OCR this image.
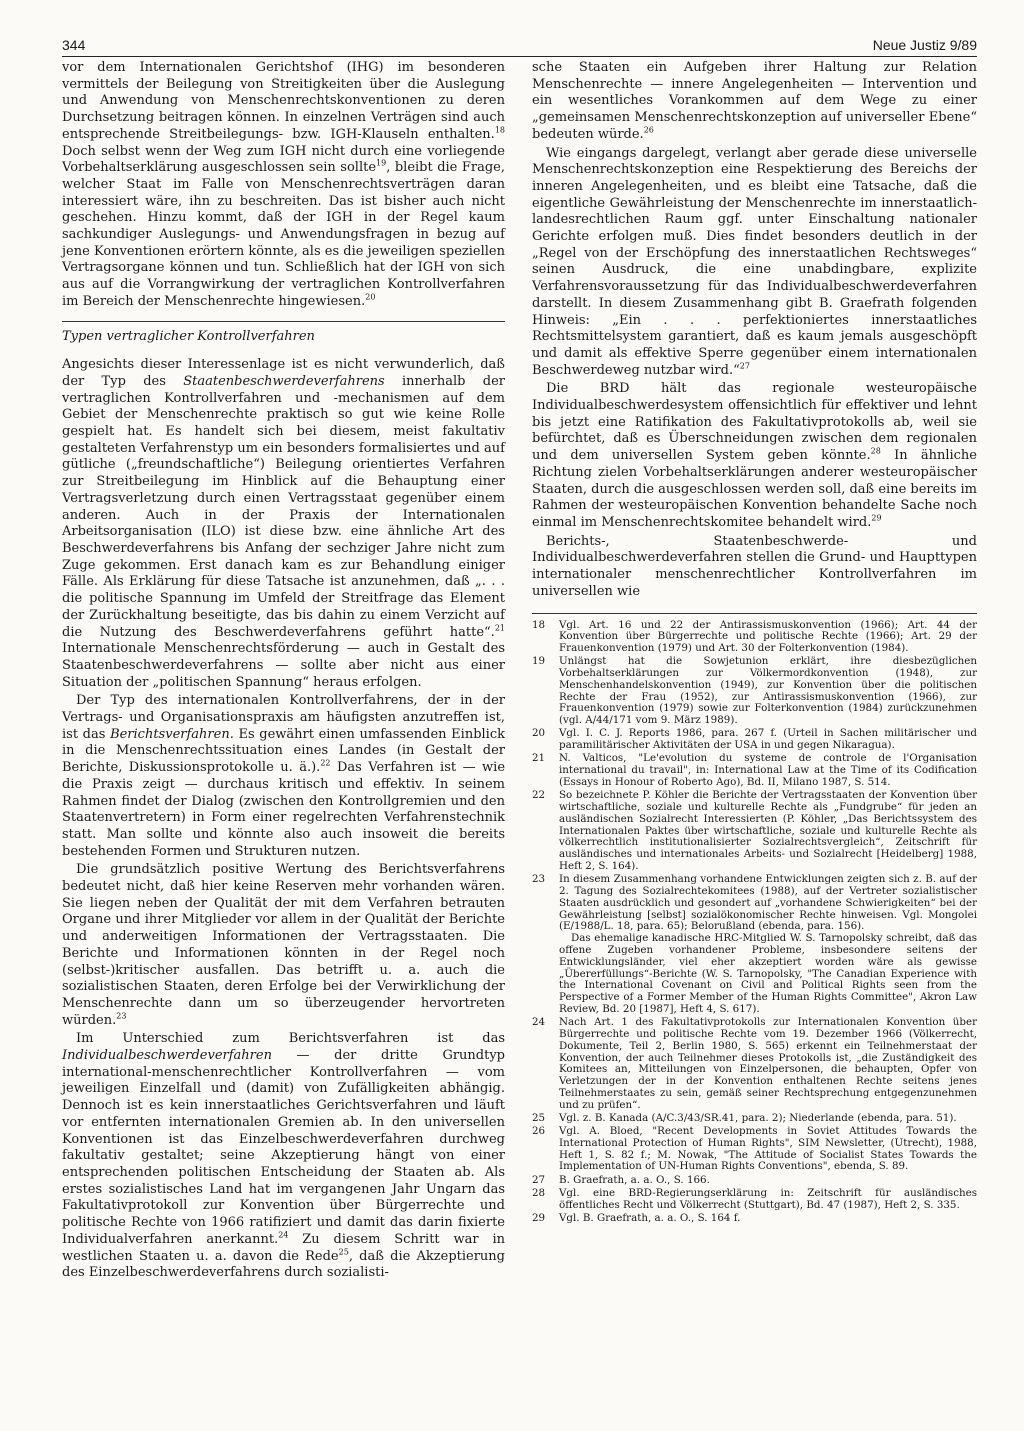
344	Neue Justiz 9/89

vor dem Internationalen Gerichtshof (IHG) im besonderen vermittels der Beilegung von Streitigkeiten über die Auslegung und Anwendung von Menschenrechtskonventionen zu deren Durchsetzung beitragen können. In einzelnen Verträgen sind auch entsprechende Streitbeilegungs- bzw. IGH-Klauseln enthalten.$^{18}$ Doch selbst wenn der Weg zum IGH nicht durch eine vorliegende Vorbehaltserklärung ausgeschlossen sein sollte$^{19}$, bleibt die Frage, welcher Staat im Falle von Menschenrechtsverträgen daran interessiert wäre, ihn zu beschreiten. Das ist bisher auch nicht geschehen. Hinzu kommt, daß der IGH in der Regel kaum sachkundiger Auslegungs- und Anwendungsfragen in bezug auf jene Konventionen erörtern könnte, als es die jeweiligen speziellen Vertragsorgane können und tun. Schließlich hat der IGH von sich aus auf die Vorrangwirkung der vertraglichen Kontrollverfahren im Bereich der Menschenrechte hingewiesen.$^{20}$

Typen vertraglicher Kontrollverfahren

Angesichts dieser Interessenlage ist es nicht verwunderlich, daß der Typ des Staatenbeschwerdeverfahrens innerhalb der vertraglichen Kontrollverfahren und -mechanismen auf dem Gebiet der Menschenrechte praktisch so gut wie keine Rolle gespielt hat. Es handelt sich bei diesem, meist fakultativ gestalteten Verfahrenstyp um ein besonders formalisiertes und auf gütliche („freundschaftliche“) Beilegung orientiertes Verfahren zur Streitbeilegung im Hinblick auf die Behauptung einer Vertragsverletzung durch einen Vertragsstaat gegenüber einem anderen. Auch in der Praxis der Internationalen Arbeitsorganisation (ILO) ist diese bzw. eine ähnliche Art des Beschwerdeverfahrens bis Anfang der sechziger Jahre nicht zum Zuge gekommen. Erst danach kam es zur Behandlung einiger Fälle. Als Erklärung für diese Tatsache ist anzunehmen, daß „. . . die politische Spannung im Umfeld der Streitfrage das Element der Zurückhaltung beseitigte, das bis dahin zu einem Verzicht auf die Nutzung des Beschwerdeverfahrens geführt hatte“.$^{21}$ Internationale Menschenrechtsförderung — auch in Gestalt des Staatenbeschwerdeverfahrens — sollte aber nicht aus einer Situation der „politischen Spannung“ heraus erfolgen.

Der Typ des internationalen Kontrollverfahrens, der in der Vertrags- und Organisationspraxis am häufigsten anzutreffen ist, ist das Berichtsverfahren. Es gewährt einen umfassenden Einblick in die Menschenrechtssituation eines Landes (in Gestalt der Berichte, Diskussionsprotokolle u. ä.).$^{22}$ Das Verfahren ist — wie die Praxis zeigt — durchaus kritisch und effektiv. In seinem Rahmen findet der Dialog (zwischen den Kontrollgremien und den Staatenvertretern) in Form einer regelrechten Verfahrenstechnik statt. Man sollte und könnte also auch insoweit die bereits bestehenden Formen und Strukturen nutzen.

Die grundsätzlich positive Wertung des Berichtsverfahrens bedeutet nicht, daß hier keine Reserven mehr vorhanden wären. Sie liegen neben der Qualität der mit dem Verfahren betrauten Organe und ihrer Mitglieder vor allem in der Qualität der Berichte und anderweitigen Informationen der Vertragsstaaten. Die Berichte und Informationen könnten in der Regel noch (selbst-)kritischer ausfallen. Das betrifft u. a. auch die sozialistischen Staaten, deren Erfolge bei der Verwirklichung der Menschenrechte dann um so überzeugender hervortreten würden.$^{23}$

Im Unterschied zum Berichtsverfahren ist das Individualbeschwerdeverfahren — der dritte Grundtyp international-menschenrechtlicher Kontrollverfahren — vom jeweiligen Einzelfall und (damit) von Zufälligkeiten abhängig. Dennoch ist es kein innerstaatliches Gerichtsverfahren und läuft vor entfernten internationalen Gremien ab. In den universellen Konventionen ist das Einzelbeschwerdeverfahren durchweg fakultativ gestaltet; seine Akzeptierung hängt von einer entsprechenden politischen Entscheidung der Staaten ab. Als erstes sozialistisches Land hat im vergangenen Jahr Ungarn das Fakultativprotokoll zur Konvention über Bürgerrechte und politische Rechte von 1966 ratifiziert und damit das darin fixierte Individualverfahren anerkannt.$^{24}$ Zu diesem Schritt war in westlichen Staaten u. a. davon die Rede$^{25}$, daß die Akzeptierung des Einzelbeschwerdeverfahrens durch sozialisti-

sche Staaten ein Aufgeben ihrer Haltung zur Relation Menschenrechte — innere Angelegenheiten — Intervention und ein wesentliches Vorankommen auf dem Wege zu einer „gemeinsamen Menschenrechtskonzeption auf universeller Ebene“ bedeuten würde.$^{26}$

Wie eingangs dargelegt, verlangt aber gerade diese universelle Menschenrechtskonzeption eine Respektierung des Bereichs der inneren Angelegenheiten, und es bleibt eine Tatsache, daß die eigentliche Gewährleistung der Menschenrechte im innerstaatlich-landesrechtlichen Raum ggf. unter Einschaltung nationaler Gerichte erfolgen muß. Dies findet besonders deutlich in der „Regel von der Erschöpfung des innerstaatlichen Rechtsweges“ seinen Ausdruck, die eine unabdingbare, explizite Verfahrensvoraussetzung für das Individualbeschwerdeverfahren darstellt. In diesem Zusammenhang gibt B. Graefrath folgenden Hinweis: „Ein . . . perfektioniertes innerstaatliches Rechtsmittelsystem garantiert, daß es kaum jemals ausgeschöpft und damit als effektive Sperre gegenüber einem internationalen Beschwerdeweg nutzbar wird.“$^{27}$

Die BRD hält das regionale westeuropäische Individualbeschwerdesystem offensichtlich für effektiver und lehnt bis jetzt eine Ratifikation des Fakultativprotokolls ab, weil sie befürchtet, daß es Überschneidungen zwischen dem regionalen und dem universellen System geben könnte.$^{28}$ In ähnliche Richtung zielen Vorbehaltserklärungen anderer westeuropäischer Staaten, durch die ausgeschlossen werden soll, daß eine bereits im Rahmen der westeuropäischen Konvention behandelte Sache noch einmal im Menschenrechtskomitee behandelt wird.$^{29}$

Berichts-, Staatenbeschwerde- und Individualbeschwerdeverfahren stellen die Grund- und Haupttypen internationaler menschenrechtlicher Kontrollverfahren im universellen wie

18 Vgl. Art. 16 und 22 der Antirassismuskonvention (1966); Art. 44 der Konvention über Bürgerrechte und politische Rechte (1966); Art. 29 der Frauenkonvention (1979) und Art. 30 der Folterkonvention (1984).
19 Unlängst hat die Sowjetunion erklärt, ihre diesbezüglichen Vorbehaltserklärungen zur Völkermordkonvention (1948), zur Menschenhandelskonvention (1949), zur Konvention über die politischen Rechte der Frau (1952), zur Antirassismuskonvention (1966), zur Frauenkonvention (1979) sowie zur Folterkonvention (1984) zurückzunehmen (vgl. A/44/171 vom 9. März 1989).
20 Vgl. I. C. J. Reports 1986, para. 267 f. (Urteil in Sachen militärischer und paramilitärischer Aktivitäten der USA in und gegen Nikaragua).
21 N. Valticos, "Le'evolution du systeme de controle de l'Organisation international du travail", in: International Law at the Time of its Codification (Essays in Honour of Roberto Ago), Bd. II, Milano 1987, S. 514.
22 So bezeichnete P. Köhler die Berichte der Vertragsstaaten der Konvention über wirtschaftliche, soziale und kulturelle Rechte als „Fundgrube“ für jeden an ausländischen Sozialrecht Interessierten (P. Köhler, „Das Berichtssystem des Internationalen Paktes über wirtschaftliche, soziale und kulturelle Rechte als völkerrechtlich institutionalisierter Sozialrechtsvergleich“, Zeitschrift für ausländisches und internationales Arbeits- und Sozialrecht [Heidelberg] 1988, Heft 2, S. 164).
23 In diesem Zusammenhang vorhandene Entwicklungen zeigten sich z. B. auf der 2. Tagung des Sozialrechtekomitees (1988), auf der Vertreter sozialistischer Staaten ausdrücklich und gesondert auf „vorhandene Schwierigkeiten“ bei der Gewährleistung [selbst] sozialökonomischer Rechte hinweisen. Vgl. Mongolei (E/1988/L. 18, para. 65); Belorußland (ebenda, para. 156).
Das ehemalige kanadische HRC-Mitglied W. S. Tarnopolsky schreibt, daß das offene Zugeben vorhandener Probleme, insbesondere seitens der Entwicklungsländer, viel eher akzeptiert worden wäre als gewisse „Übererfüllungs“-Berichte (W. S. Tarnopolsky, "The Canadian Experience with the International Covenant on Civil and Political Rights seen from the Perspective of a Former Member of the Human Rights Committee", Akron Law Review, Bd. 20 [1987], Heft 4, S. 617).
24 Nach Art. 1 des Fakultativprotokolls zur Internationalen Konvention über Bürgerrechte und politische Rechte vom 19. Dezember 1966 (Völkerrecht, Dokumente, Teil 2, Berlin 1980, S. 565) erkennt ein Teilnehmerstaat der Konvention, der auch Teilnehmer dieses Protokolls ist, „die Zuständigkeit des Komitees an, Mitteilungen von Einzelpersonen, die behaupten, Opfer von Verletzungen der in der Konvention enthaltenen Rechte seitens jenes Teilnehmerstaates zu sein, gemäß seiner Rechtsprechung entgegenzunehmen und zu prüfen“.
25 Vgl. z. B. Kanada (A/C.3/43/SR.41, para. 2); Niederlande (ebenda, para. 51).
26 Vgl. A. Bloed, "Recent Developments in Soviet Attitudes Towards the International Protection of Human Rights", SIM Newsletter, (Utrecht), 1988, Heft 1, S. 82 f.; M. Nowak, "The Attitude of Socialist States Towards the Implementation of UN-Human Rights Conventions", ebenda, S. 89.
27 B. Graefrath, a. a. O., S. 166.
28 Vgl. eine BRD-Regierungserklärung in: Zeitschrift für ausländisches öffentliches Recht und Völkerrecht (Stuttgart), Bd. 47 (1987), Heft 2, S. 335.
29 Vgl. B. Graefrath, a. a. O., S. 164 f.
